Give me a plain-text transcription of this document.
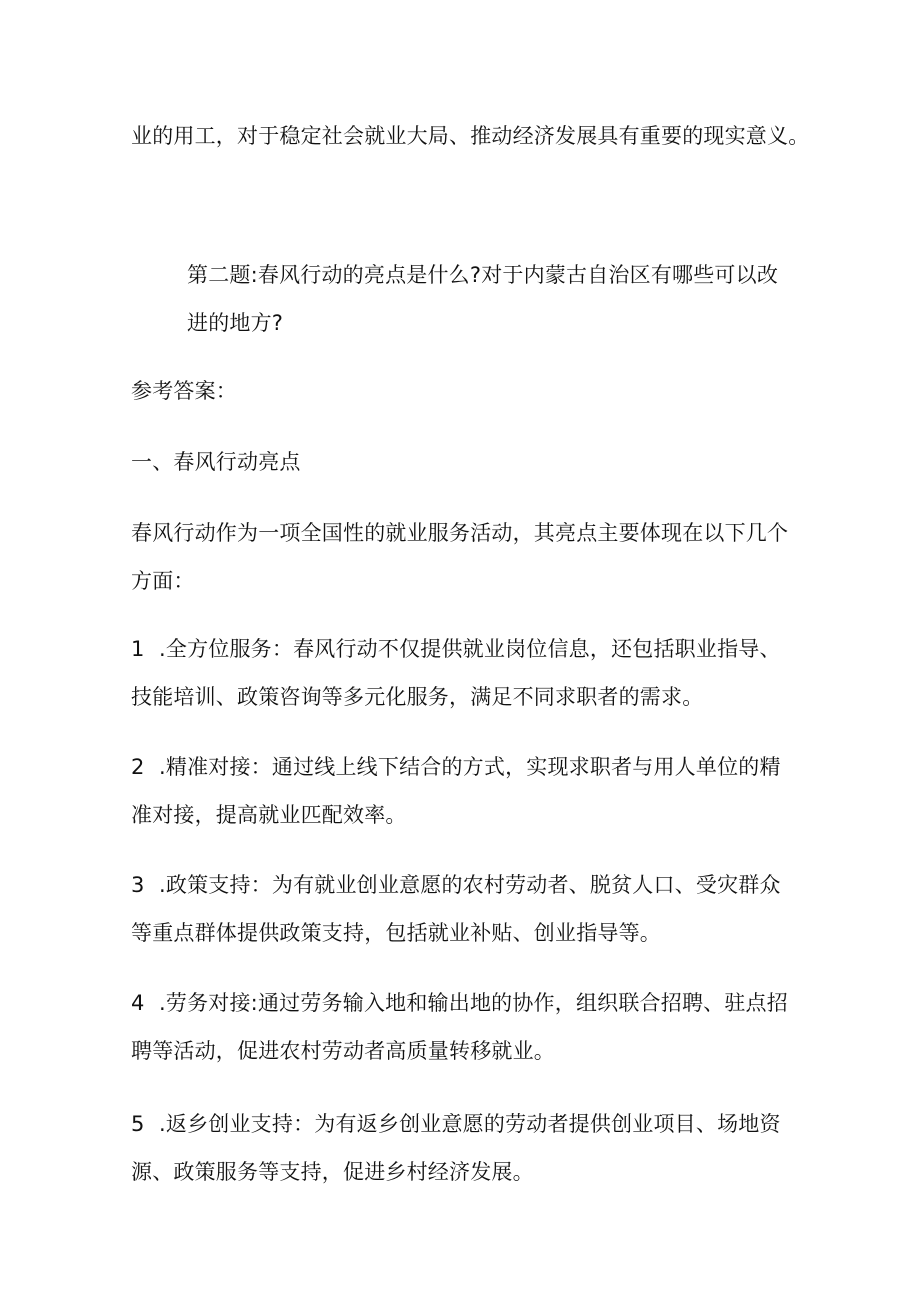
业的用工，对于稳定社会就业大局、推动经济发展具有重要的现实意义。
第二题:春风行动的亮点是什么?对于内蒙古自治区有哪些可以改
进的地方?
参考答案：
一、春风行动亮点
春风行动作为一项全国性的就业服务活动，其亮点主要体现在以下几个
方面：
1 .全方位服务：春风行动不仅提供就业岗位信息，还包括职业指导、
技能培训、政策咨询等多元化服务，满足不同求职者的需求。
2 .精准对接：通过线上线下结合的方式，实现求职者与用人单位的精
准对接，提高就业匹配效率。
3 .政策支持：为有就业创业意愿的农村劳动者、脱贫人口、受灾群众
等重点群体提供政策支持，包括就业补贴、创业指导等。
4 .劳务对接:通过劳务输入地和输出地的协作，组织联合招聘、驻点招
聘等活动，促进农村劳动者高质量转移就业。
5 .返乡创业支持：为有返乡创业意愿的劳动者提供创业项目、场地资
源、政策服务等支持，促进乡村经济发展。
